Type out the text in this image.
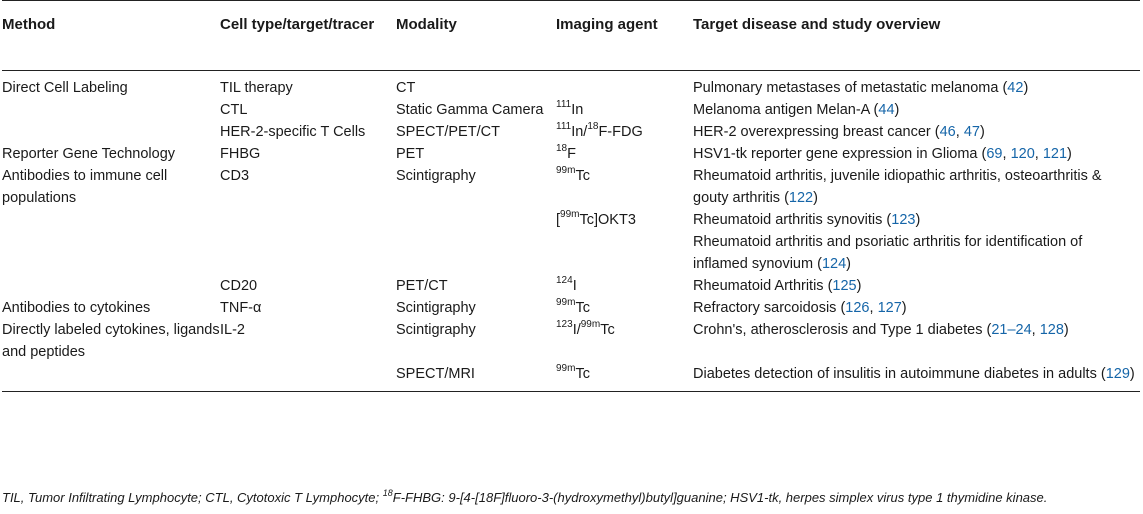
Method	Cell type/target/tracer	Modality	Imaging agent	Target disease and study overview

Direct Cell Labeling	TIL therapy	CT		Pulmonary metastases of metastatic melanoma (42)
	CTL	Static Gamma Camera	$^{111}$In	Melanoma antigen Melan-A (44)
	HER-2-specific T Cells	SPECT/PET/CT	$^{111}$In/$^{18}$F-FDG	HER-2 overexpressing breast cancer (46, 47)
Reporter Gene Technology	FHBG	PET	$^{18}$F	HSV1-tk reporter gene expression in Glioma (69, 120, 121)
Antibodies to immune cell populations	CD3	Scintigraphy	$^{99m}$Tc	Rheumatoid arthritis, juvenile idiopathic arthritis, osteoarthritis & gouty arthritis (122)
			[$^{99m}$Tc]OKT3	Rheumatoid arthritis synovitis (123)
				Rheumatoid arthritis and psoriatic arthritis for identification of inflamed synovium (124)
	CD20	PET/CT	$^{124}$I	Rheumatoid Arthritis (125)
Antibodies to cytokines	TNF-α	Scintigraphy	$^{99m}$Tc	Refractory sarcoidosis (126, 127)
Directly labeled cytokines, ligands and peptides	IL-2	Scintigraphy	$^{123}$I/$^{99m}$Tc	Crohn's, atherosclerosis and Type 1 diabetes (21–24, 128)
		SPECT/MRI	$^{99m}$Tc	Diabetes detection of insulitis in autoimmune diabetes in adults (129)
TIL, Tumor Infiltrating Lymphocyte; CTL, Cytotoxic T Lymphocyte; $^{18}$F-FHBG: 9-[4-[18F]fluoro-3-(hydroxymethyl)butyl]guanine; HSV1-tk, herpes simplex virus type 1 thymidine kinase.
